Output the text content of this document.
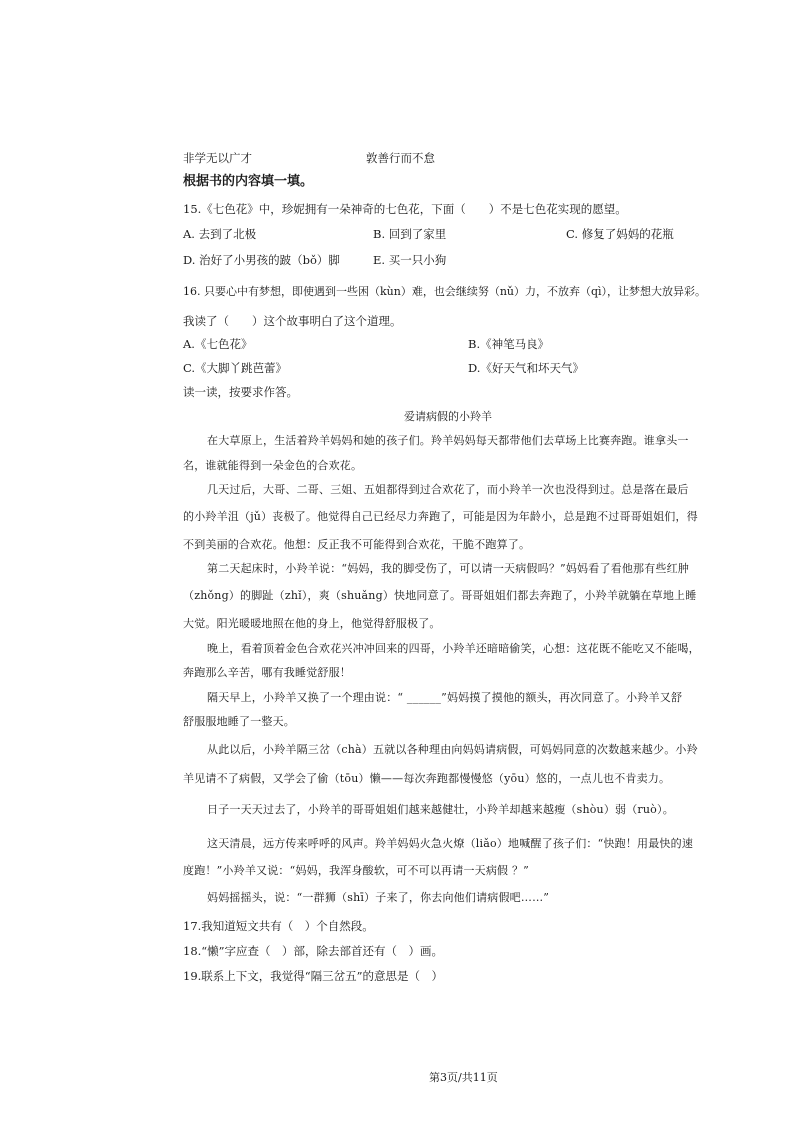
非学无以广才	敦善行而不怠
根据书的内容填一填。
15.《七色花》中，珍妮拥有一朵神奇的七色花，下面（　　）不是七色花实现的愿望。
A. 去到了北极	B. 回到了家里	C. 修复了妈妈的花瓶
D. 治好了小男孩的跛（bǒ）脚	E. 买一只小狗
16. 只要心中有梦想，即使遇到一些困（kùn）难，也会继续努（nǔ）力，不放弃（qì），让梦想大放异彩。
我读了（　　）这个故事明白了这个道理。
A.《七色花》	B.《神笔马良》
C.《大脚丫跳芭蕾》	D.《好天气和坏天气》
读一读，按要求作答。
爱请病假的小羚羊
在大草原上，生活着羚羊妈妈和她的孩子们。羚羊妈妈每天都带他们去草场上比赛奔跑。谁拿头一
名，谁就能得到一朵金色的合欢花。
几天过后，大哥、二哥、三姐、五姐都得到过合欢花了，而小羚羊一次也没得到过。总是落在最后
的小羚羊沮（jǔ）丧极了。他觉得自己已经尽力奔跑了，可能是因为年龄小，总是跑不过哥哥姐姐们，得
不到美丽的合欢花。他想：反正我不可能得到合欢花，干脆不跑算了。
第二天起床时，小羚羊说：“妈妈，我的脚受伤了，可以请一天病假吗？”妈妈看了看他那有些红肿
（zhǒng）的脚趾（zhǐ），爽（shuǎng）快地同意了。哥哥姐姐们都去奔跑了，小羚羊就躺在草地上睡
大觉。阳光暖暖地照在他的身上，他觉得舒服极了。
晚上，看着顶着金色合欢花兴冲冲回来的四哥，小羚羊还暗暗偷笑，心想：这花既不能吃又不能喝，
奔跑那么辛苦，哪有我睡觉舒服！
隔天早上，小羚羊又换了一个理由说：“ ______”妈妈摸了摸他的额头，再次同意了。小羚羊又舒
舒服服地睡了一整天。
从此以后，小羚羊隔三岔（chà）五就以各种理由向妈妈请病假，可妈妈同意的次数越来越少。小羚
羊见请不了病假，又学会了偷（tōu）懒——每次奔跑都慢慢悠（yōu）悠的，一点儿也不肯卖力。
日子一天天过去了，小羚羊的哥哥姐姐们越来越健壮，小羚羊却越来越瘦（shòu）弱（ruò）。
这天清晨，远方传来呼呼的风声。羚羊妈妈火急火燎（liǎo）地喊醒了孩子们：“快跑！用最快的速
度跑！”小羚羊又说：“妈妈，我浑身酸软，可不可以再请一天病假 ？”
妈妈摇摇头，说：“一群狮（shī）子来了，你去向他们请病假吧……”
17.我知道短文共有（　）个自然段。
18.“懒”字应查（　）部，除去部首还有（　）画。
19.联系上下文，我觉得“隔三岔五”的意思是（　）
第3页/共11页
